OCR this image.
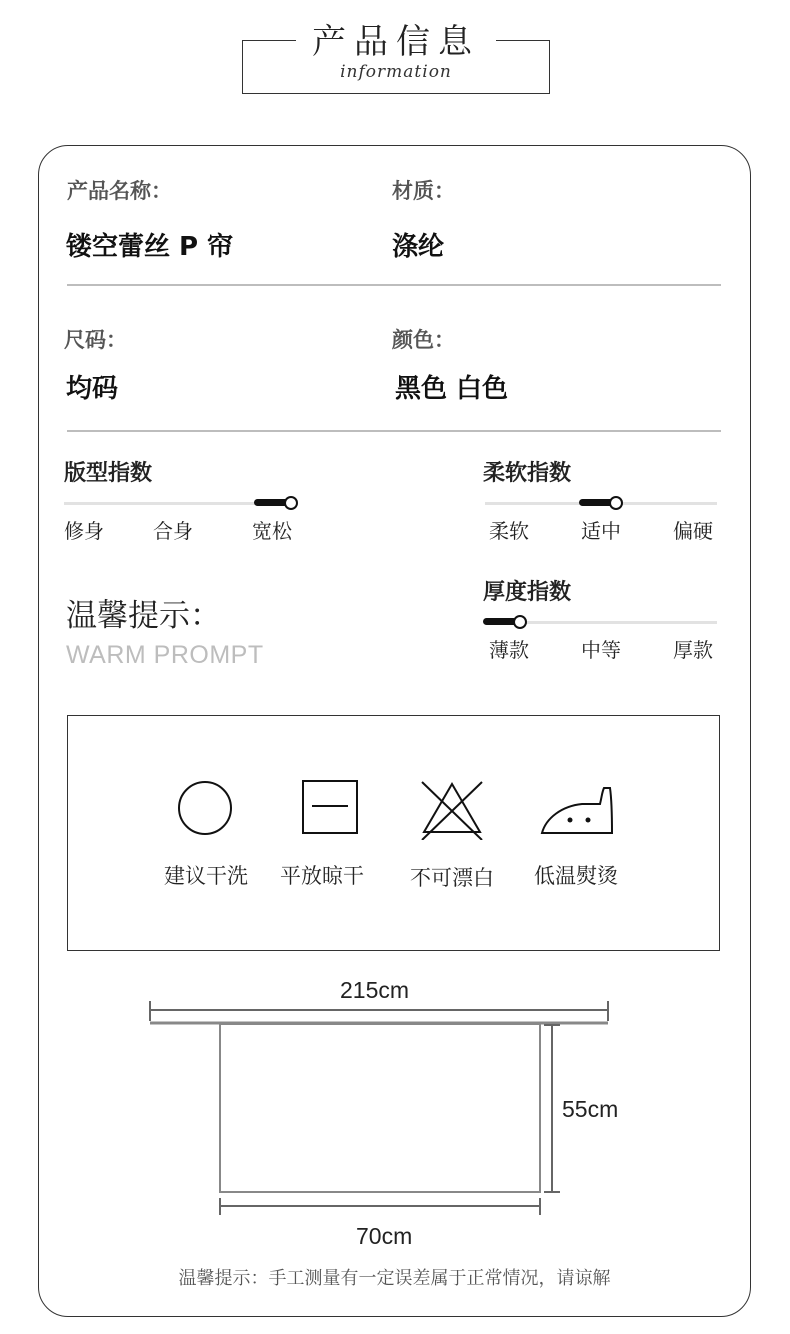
产品信息
information
产品名称：
镂空蕾丝 P 帘
材质：
涤纶
尺码：
均码
颜色：
黑色 白色
版型指数
修身 合身	宽松
柔软指数
柔软	适中	偏硬
温馨提示：
WARM PROMPT
厚度指数
薄款	中等	厚款
建议干洗 平放晾干 不可漂白 低温熨烫
215cm
55cm
70cm
温馨提示：手工测量有一定误差属于正常情况，请谅解
